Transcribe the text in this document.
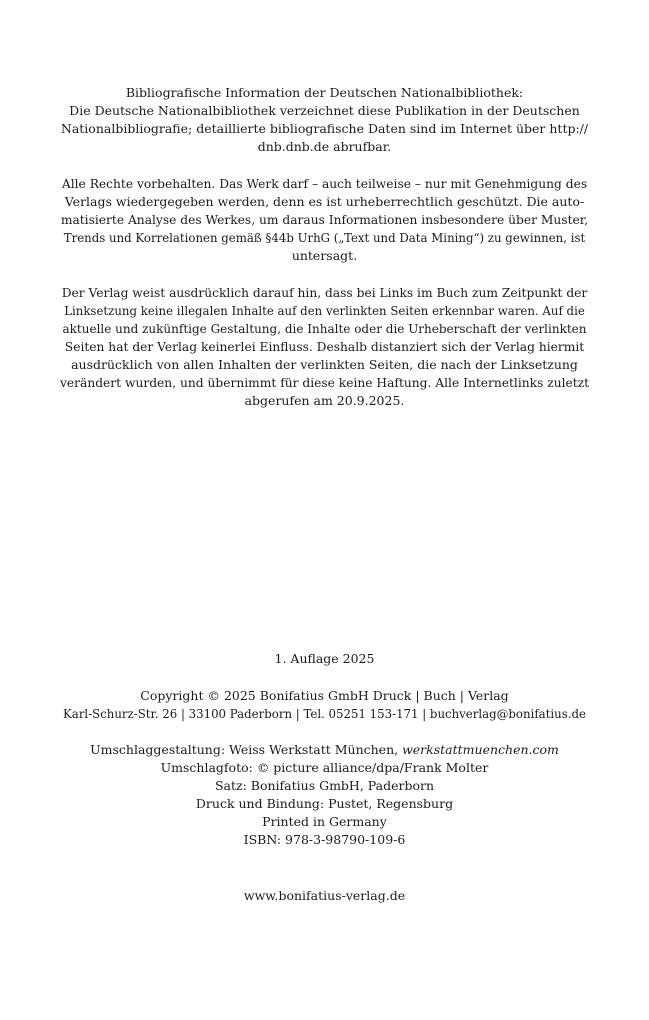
Bibliografische Information der Deutschen Nationalbibliothek:
Die Deutsche Nationalbibliothek verzeichnet diese Publikation in der Deutschen
Nationalbibliografie; detaillierte bibliografische Daten sind im Internet über http://
dnb.dnb.de abrufbar.
Alle Rechte vorbehalten. Das Werk darf – auch teilweise – nur mit Genehmigung des
Verlags wiedergegeben werden, denn es ist urheberrechtlich geschützt. Die auto-
matisierte Analyse des Werkes, um daraus Informationen insbesondere über Muster,
Trends und Korrelationen gemäß §44b UrhG („Text und Data Mining“) zu gewinnen, ist
untersagt.
Der Verlag weist ausdrücklich darauf hin, dass bei Links im Buch zum Zeitpunkt der
Linksetzung keine illegalen Inhalte auf den verlinkten Seiten erkennbar waren. Auf die
aktuelle und zukünftige Gestaltung, die Inhalte oder die Urheberschaft der verlinkten
Seiten hat der Verlag keinerlei Einfluss. Deshalb distanziert sich der Verlag hiermit
ausdrücklich von allen Inhalten der verlinkten Seiten, die nach der Linksetzung
verändert wurden, und übernimmt für diese keine Haftung. Alle Internetlinks zuletzt
abgerufen am 20.9.2025.
1. Auflage 2025
Copyright © 2025 Bonifatius GmbH Druck | Buch | Verlag
Karl-Schurz-Str. 26 | 33100 Paderborn | Tel. 05251 153-171 | buchverlag@bonifatius.de
Umschlaggestaltung: Weiss Werkstatt München, werkstattmuenchen.com
Umschlagfoto: © picture alliance/dpa/Frank Molter
Satz: Bonifatius GmbH, Paderborn
Druck und Bindung: Pustet, Regensburg
Printed in Germany
ISBN: 978-3-98790-109-6
www.bonifatius-verlag.de
